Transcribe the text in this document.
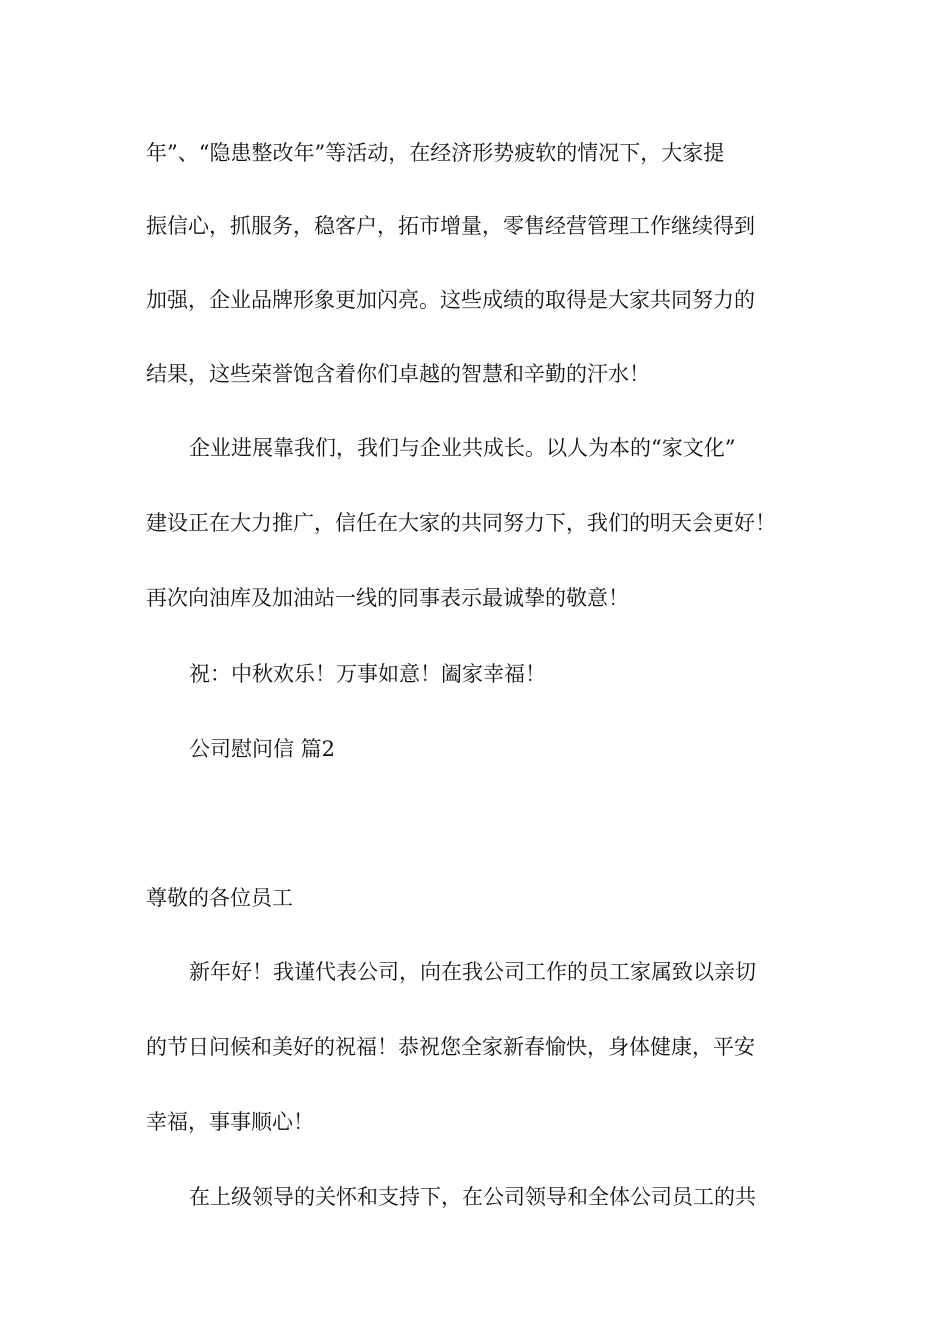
年”、“隐患整改年”等活动，在经济形势疲软的情况下，大家提

振信心，抓服务，稳客户，拓市增量，零售经营管理工作继续得到

加强，企业品牌形象更加闪亮。这些成绩的取得是大家共同努力的

结果，这些荣誉饱含着你们卓越的智慧和辛勤的汗水！

企业进展靠我们，我们与企业共成长。以人为本的“家文化”

建设正在大力推广，信任在大家的共同努力下，我们的明天会更好！

再次向油库及加油站一线的同事表示最诚挚的敬意！

祝：中秋欢乐！万事如意！阖家幸福！

公司慰问信 篇2

尊敬的各位员工

新年好！我谨代表公司，向在我公司工作的员工家属致以亲切

的节日问候和美好的祝福！恭祝您全家新春愉快，身体健康，平安

幸福，事事顺心！

在上级领导的关怀和支持下，在公司领导和全体公司员工的共
